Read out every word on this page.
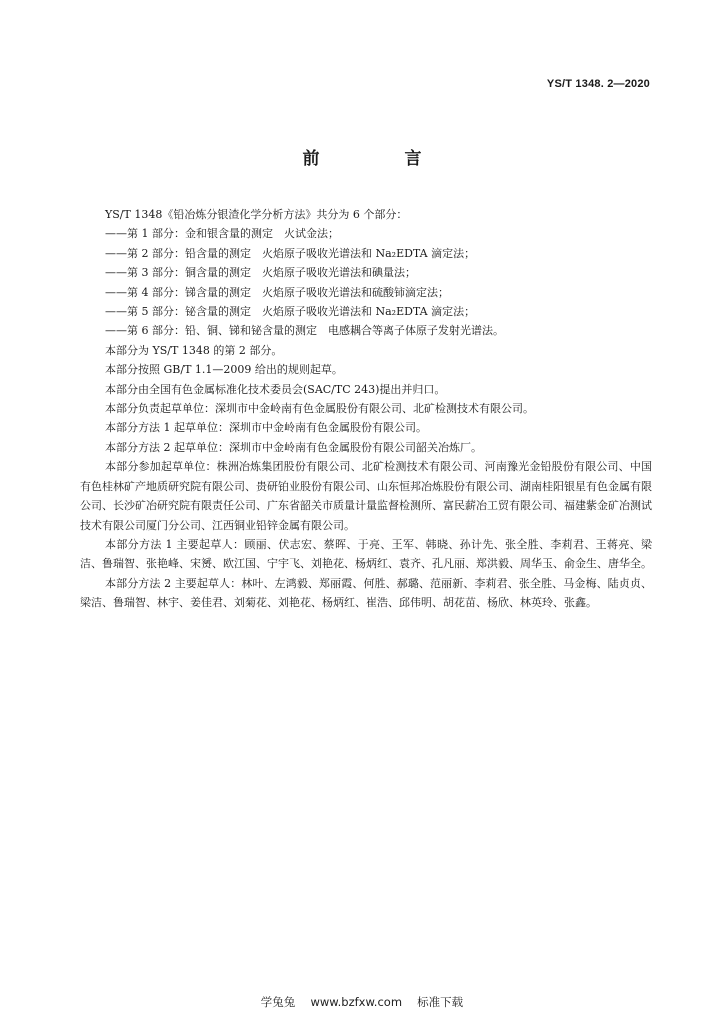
YS/T 1348. 2—2020
前　言
YS/T 1348《铅冶炼分银渣化学分析方法》共分为 6 个部分：
——第 1 部分：金和银含量的测定　火试金法；
——第 2 部分：铅含量的测定　火焰原子吸收光谱法和 Na₂EDTA 滴定法；
——第 3 部分：铜含量的测定　火焰原子吸收光谱法和碘量法；
——第 4 部分：锑含量的测定　火焰原子吸收光谱法和硫酸铈滴定法；
——第 5 部分：铋含量的测定　火焰原子吸收光谱法和 Na₂EDTA 滴定法；
——第 6 部分：铅、铜、锑和铋含量的测定　电感耦合等离子体原子发射光谱法。
本部分为 YS/T 1348 的第 2 部分。
本部分按照 GB/T 1.1—2009 给出的规则起草。
本部分由全国有色金属标准化技术委员会(SAC/TC 243)提出并归口。
本部分负责起草单位：深圳市中金岭南有色金属股份有限公司、北矿检测技术有限公司。
本部分方法 1 起草单位：深圳市中金岭南有色金属股份有限公司。
本部分方法 2 起草单位：深圳市中金岭南有色金属股份有限公司韶关冶炼厂。
本部分参加起草单位：株洲冶炼集团股份有限公司、北矿检测技术有限公司、河南豫光金铅股份有限公司、中国有色桂林矿产地质研究院有限公司、贵研铂业股份有限公司、山东恒邦冶炼股份有限公司、湖南桂阳银星有色金属有限公司、长沙矿冶研究院有限责任公司、广东省韶关市质量计量监督检测所、富民薪冶工贸有限公司、福建紫金矿冶测试技术有限公司厦门分公司、江西铜业铅锌金属有限公司。
本部分方法 1 主要起草人：顾丽、伏志宏、蔡晖、于亮、王军、韩晓、孙计先、张全胜、李莉君、王蒋亮、梁洁、鲁瑞智、张艳峰、宋赟、欧江国、宁宇飞、刘艳花、杨炳红、袁齐、孔凡丽、郑洪毅、周华玉、俞金生、唐华全。
本部分方法 2 主要起草人：林叶、左鸿毅、郑丽霞、何胜、郝璐、范丽新、李莉君、张全胜、马金梅、陆贞贞、梁洁、鲁瑞智、林宇、姜佳君、刘菊花、刘艳花、杨炳红、崔浩、邱伟明、胡花苗、杨欣、林英玲、张鑫。
学兔兔　 www.bzfxw.com　 标准下载
